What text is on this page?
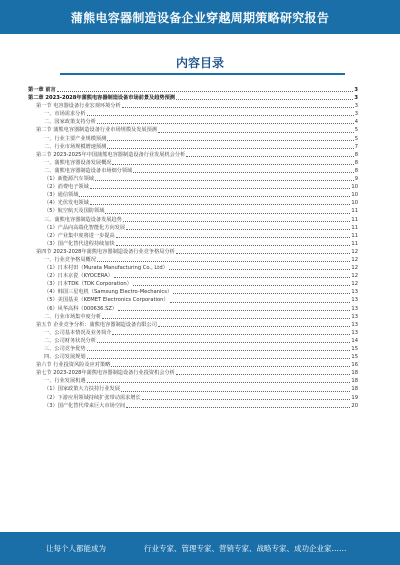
蒲熊电容器制造设备企业穿越周期策略研究报告
内容目录
第一章 前言	3
第二章 2023-2028年蒲熊电容器制造设备市场前景及趋势预测	3
第一节 电容器设备行业宏观环境分析	3
一、市场需求分析	3
二、国家政策支持分析	4
第二节 蒲熊电容器制造设备行业市场规模及发展预测	5
一、行业主要产业规模预测	5
二、行业市场规模增速预测	7
第三节 2023-2025年中国蒲熊电容器制造设备行业发展机会分析	8
一、蒲熊电容器设备发展概况	8
二、蒲熊电容器制造设备市场细分领域	8
（1）新能源汽车领域	9
（2）消费电子领域	10
（3）通信领域	10
（4）光伏发电领域	10
（5）航空航天及国防领域	11
三、蒲熊电容器制造设备发展趋势	11
（1）产品向高端化智能化方向发展	11
（2）产业集中度将进一步提高	11
（3）国产化替代进程持续加快	11
第四节 2023-2028年蒲熊电容器制造设备行业竞争格局分析	12
一、行业竞争格局概况	12
（1）日本村田（Murata Manufacturing Co., Ltd）	12
（2）日本京瓷（KYOCERA）	12
（3）日本TDK（TDK Corporation）	12
（4）韩国三星电机（Samsung Electro-Mechanics）	13
（5）美国基美（KEMET Electronics Corporation）	13
（6）风华高科（000636.SZ）	13
二、行业市场集中度分析	13
第五节 企业竞争分析：蒲熊电容器制造设备有限公司	13
一、公司基本情况及业务简介	13
二、公司财务状况分析	14
三、公司竞争优势	15
四、公司发展规划	15
第六节 行业投资风险及应对策略	16
第七节 2023-2028年蒲熊电容器制造设备行业投资机会分析	18
一、行业发展机遇	18
（1）国家政策大力扶持行业发展	18
（2）下游应用领域持续扩张带动需求增长	19
（3）国产化替代带来巨大市场空间	20
让每个人都能成为	行业专家、管理专家、营销专家、战略专家、成功企业家……
